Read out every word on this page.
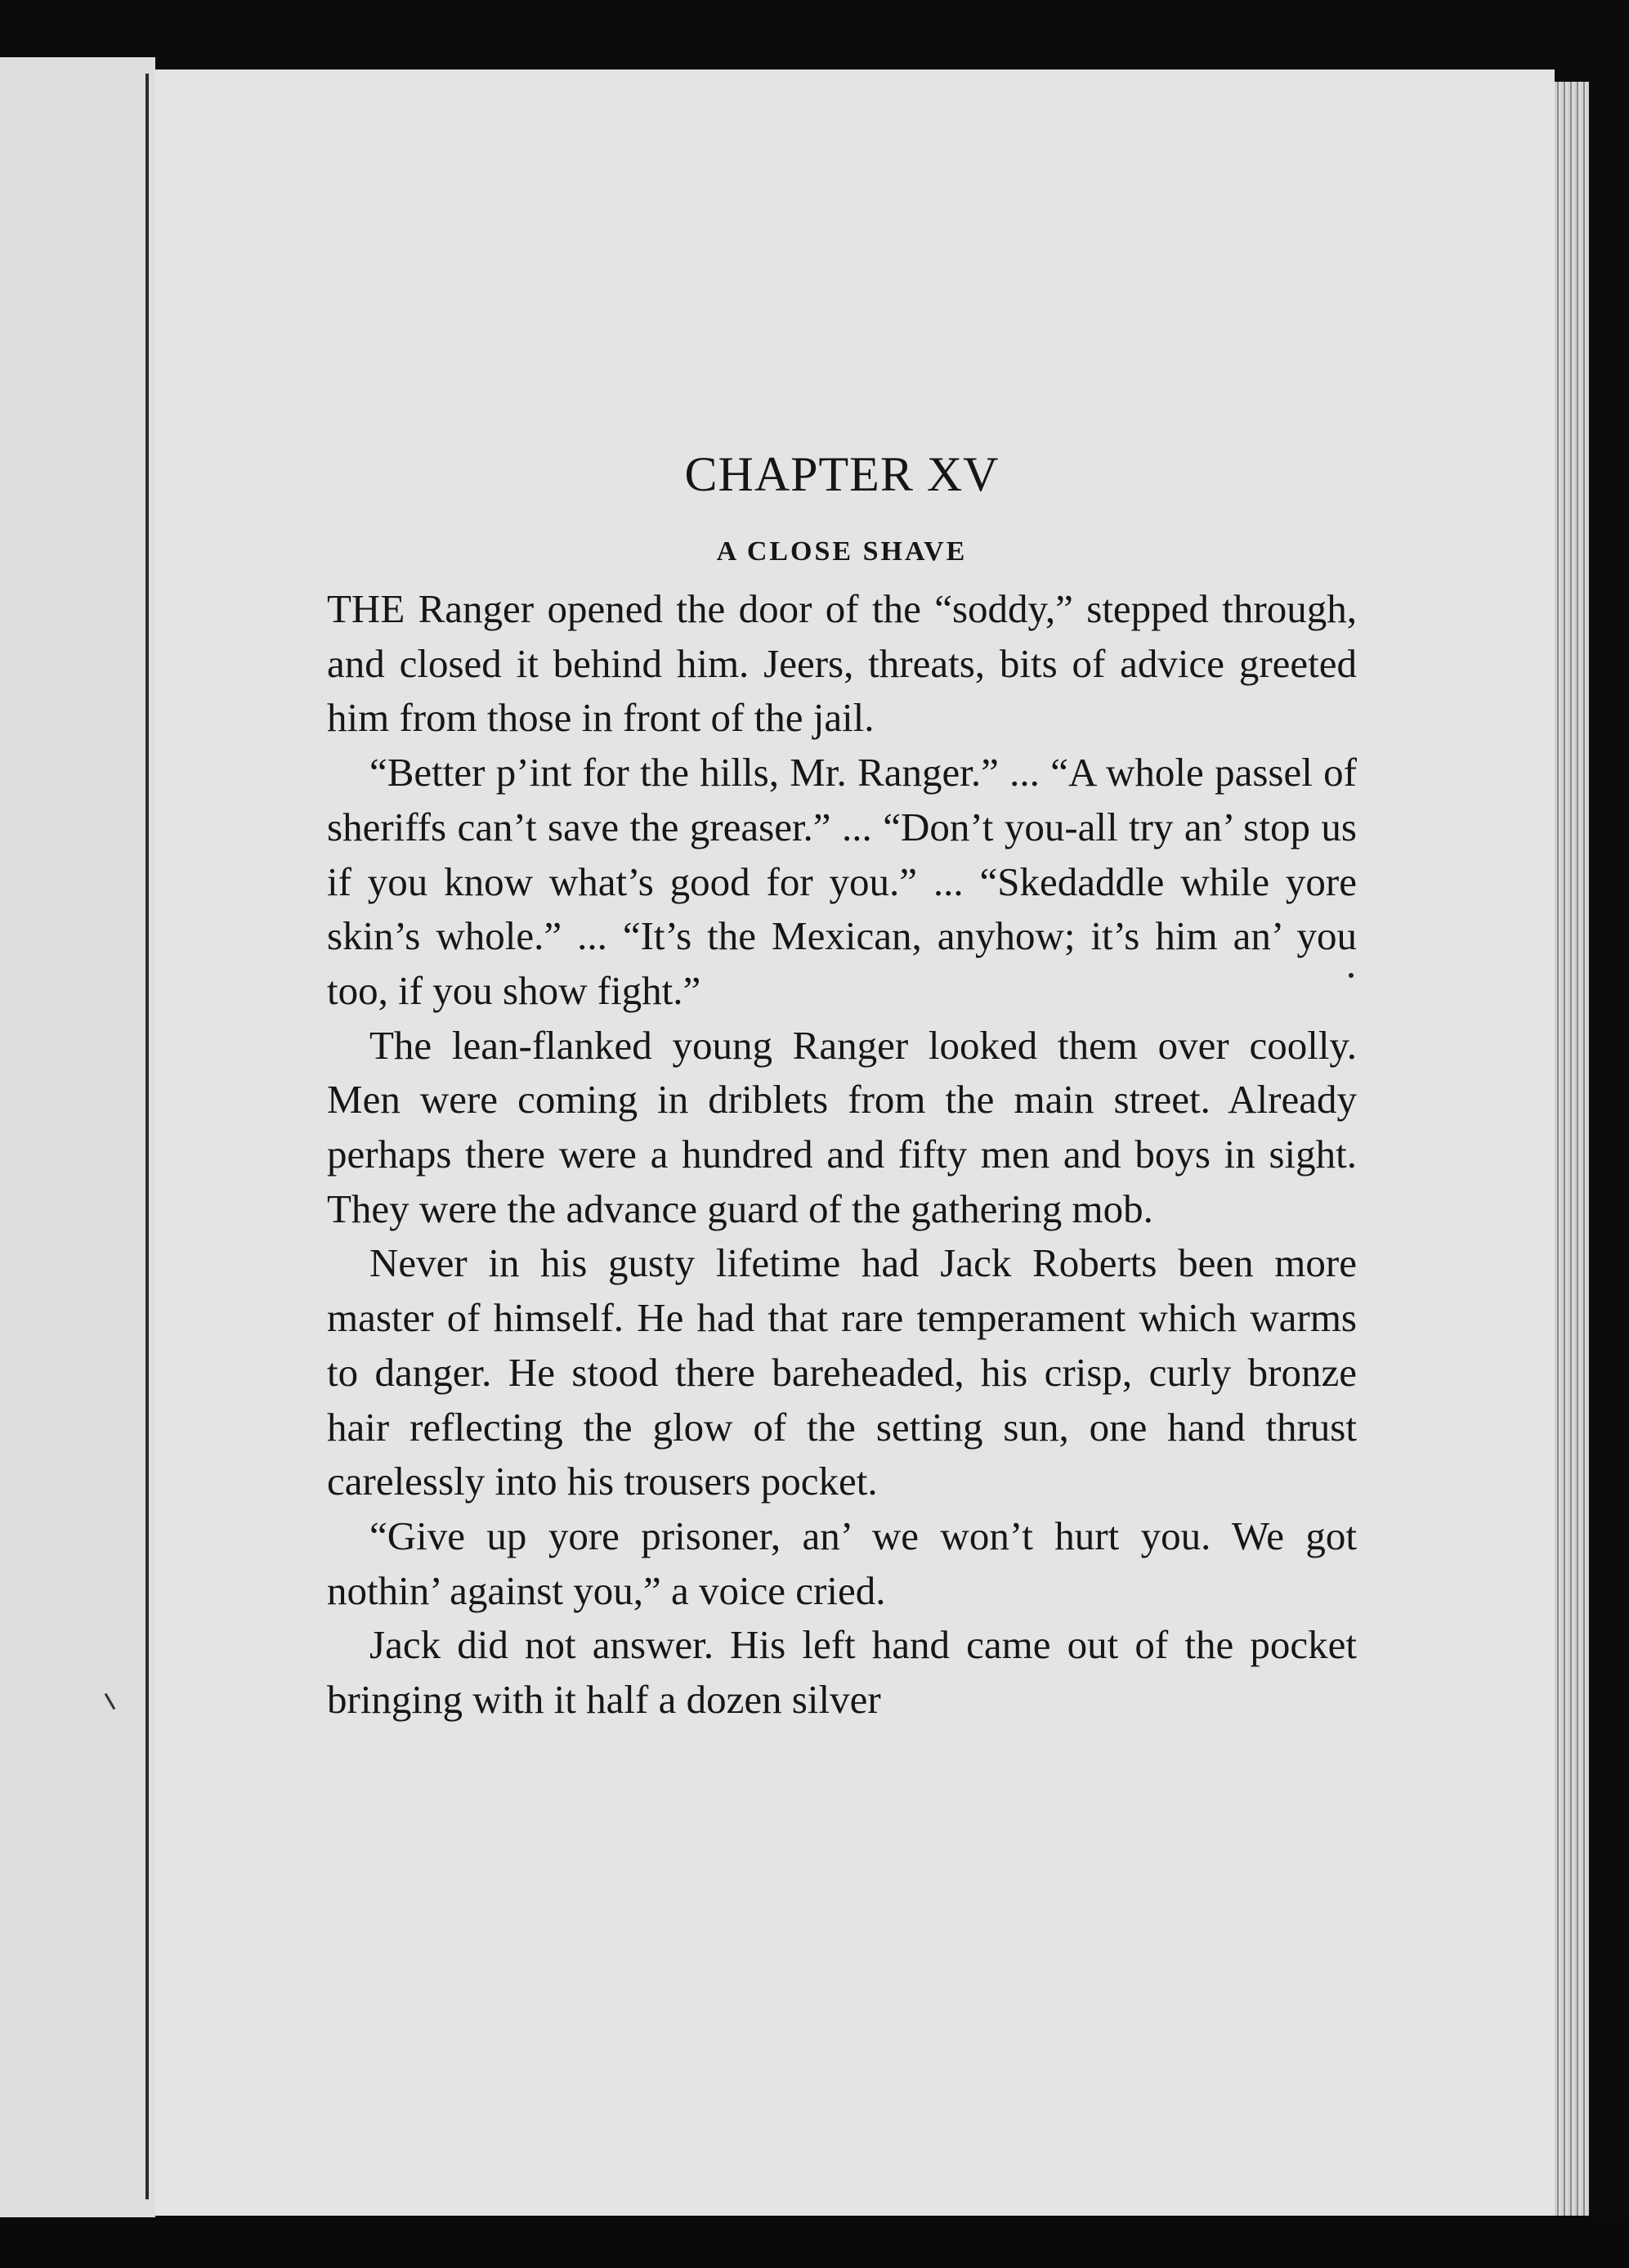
CHAPTER XV
A CLOSE SHAVE

THE Ranger opened the door of the “soddy,” stepped through, and closed it behind him. Jeers, threats, bits of advice greeted him from those in front of the jail.

“Better p’int for the hills, Mr. Ranger.” ... “A whole passel of sheriffs can’t save the greaser.” ... “Don’t you-all try an’ stop us if you know what’s good for you.” ... “Skedaddle while yore skin’s whole.” ... “It’s the Mexican, anyhow; it’s him an’ you too, if you show fight.”

The lean-flanked young Ranger looked them over coolly. Men were coming in driblets from the main street. Already perhaps there were a hundred and fifty men and boys in sight. They were the advance guard of the gathering mob.

Never in his gusty lifetime had Jack Roberts been more master of himself. He had that rare temperament which warms to danger. He stood there bareheaded, his crisp, curly bronze hair reflecting the glow of the setting sun, one hand thrust carelessly into his trousers pocket.

“Give up yore prisoner, an’ we won’t hurt you. We got nothin’ against you,” a voice cried.

Jack did not answer. His left hand came out of the pocket bringing with it half a dozen silver
